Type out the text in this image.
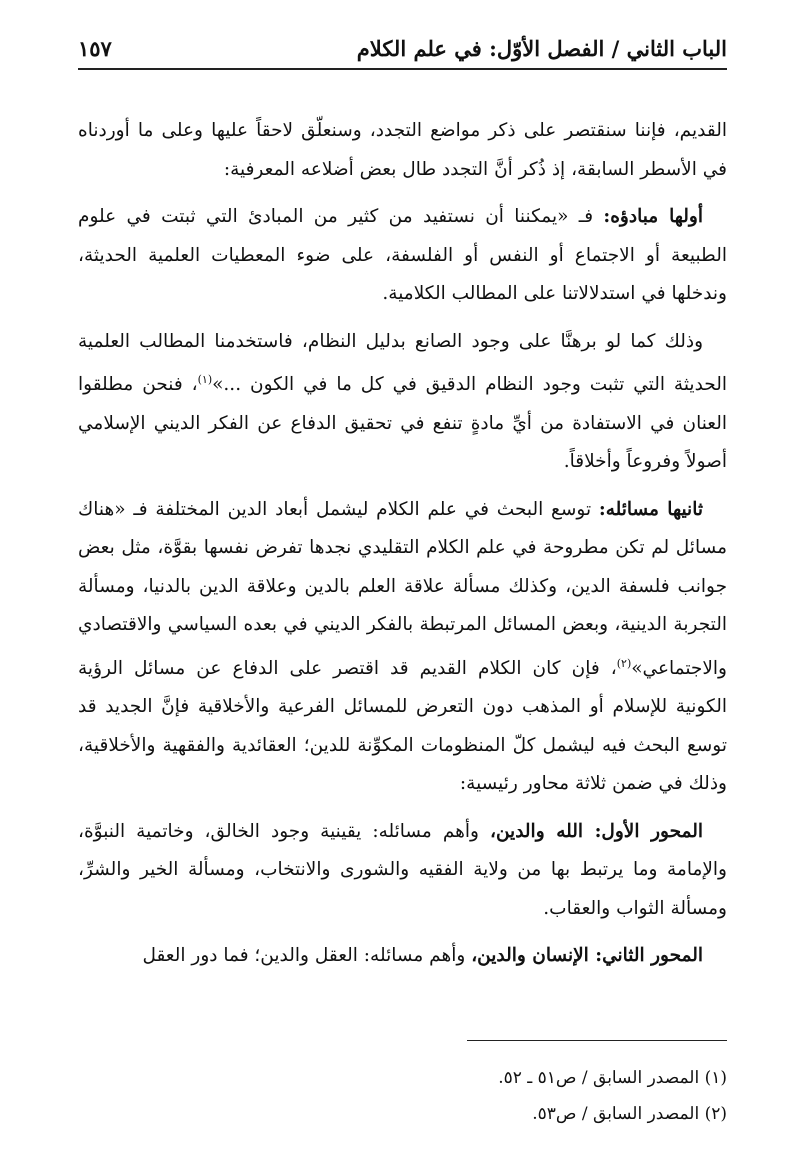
الباب الثاني / الفصل الأوّل: في علم الكلام
١٥٧

القديم، فإننا سنقتصر على ذكر مواضع التجدد، وسنعلّق لاحقاً عليها وعلى ما أوردناه في الأسطر السابقة، إذ ذُكر أنَّ التجدد طال بعض أضلاعه المعرفية:

أولها مبادؤه: فـ «يمكننا أن نستفيد من كثير من المبادئ التي ثبتت في علوم الطبيعة أو الاجتماع أو النفس أو الفلسفة، على ضوء المعطيات العلمية الحديثة، وندخلها في استدلالاتنا على المطالب الكلامية.

وذلك كما لو برهنَّا على وجود الصانع بدليل النظام، فاستخدمنا المطالب العلمية الحديثة التي تثبت وجود النظام الدقيق في كل ما في الكون ...»$^{(١)}$، فنحن مطلقوا العنان في الاستفادة من أيِّ مادةٍ تنفع في تحقيق الدفاع عن الفكر الديني الإسلامي أصولاً وفروعاً وأخلاقاً.

ثانيها مسائله: توسع البحث في علم الكلام ليشمل أبعاد الدين المختلفة فـ «هناك مسائل لم تكن مطروحة في علم الكلام التقليدي نجدها تفرض نفسها بقوَّة، مثل بعض جوانب فلسفة الدين، وكذلك مسألة علاقة العلم بالدين وعلاقة الدين بالدنيا، ومسألة التجربة الدينية، وبعض المسائل المرتبطة بالفكر الديني في بعده السياسي والاقتصادي والاجتماعي»$^{(٢)}$، فإن كان الكلام القديم قد اقتصر على الدفاع عن مسائل الرؤية الكونية للإسلام أو المذهب دون التعرض للمسائل الفرعية والأخلاقية فإنَّ الجديد قد توسع البحث فيه ليشمل كلّ المنظومات المكوِّنة للدين؛ العقائدية والفقهية والأخلاقية، وذلك في ضمن ثلاثة محاور رئيسية:

المحور الأول: الله والدين، وأهم مسائله: يقينية وجود الخالق، وخاتمية النبوَّة، والإمامة وما يرتبط بها من ولاية الفقيه والشورى والانتخاب، ومسألة الخير والشرِّ، ومسألة الثواب والعقاب.

المحور الثاني: الإنسان والدين، وأهم مسائله: العقل والدين؛ فما دور العقل

(١) المصدر السابق / ص٥١ ـ ٥٢.
(٢) المصدر السابق / ص٥٣.
